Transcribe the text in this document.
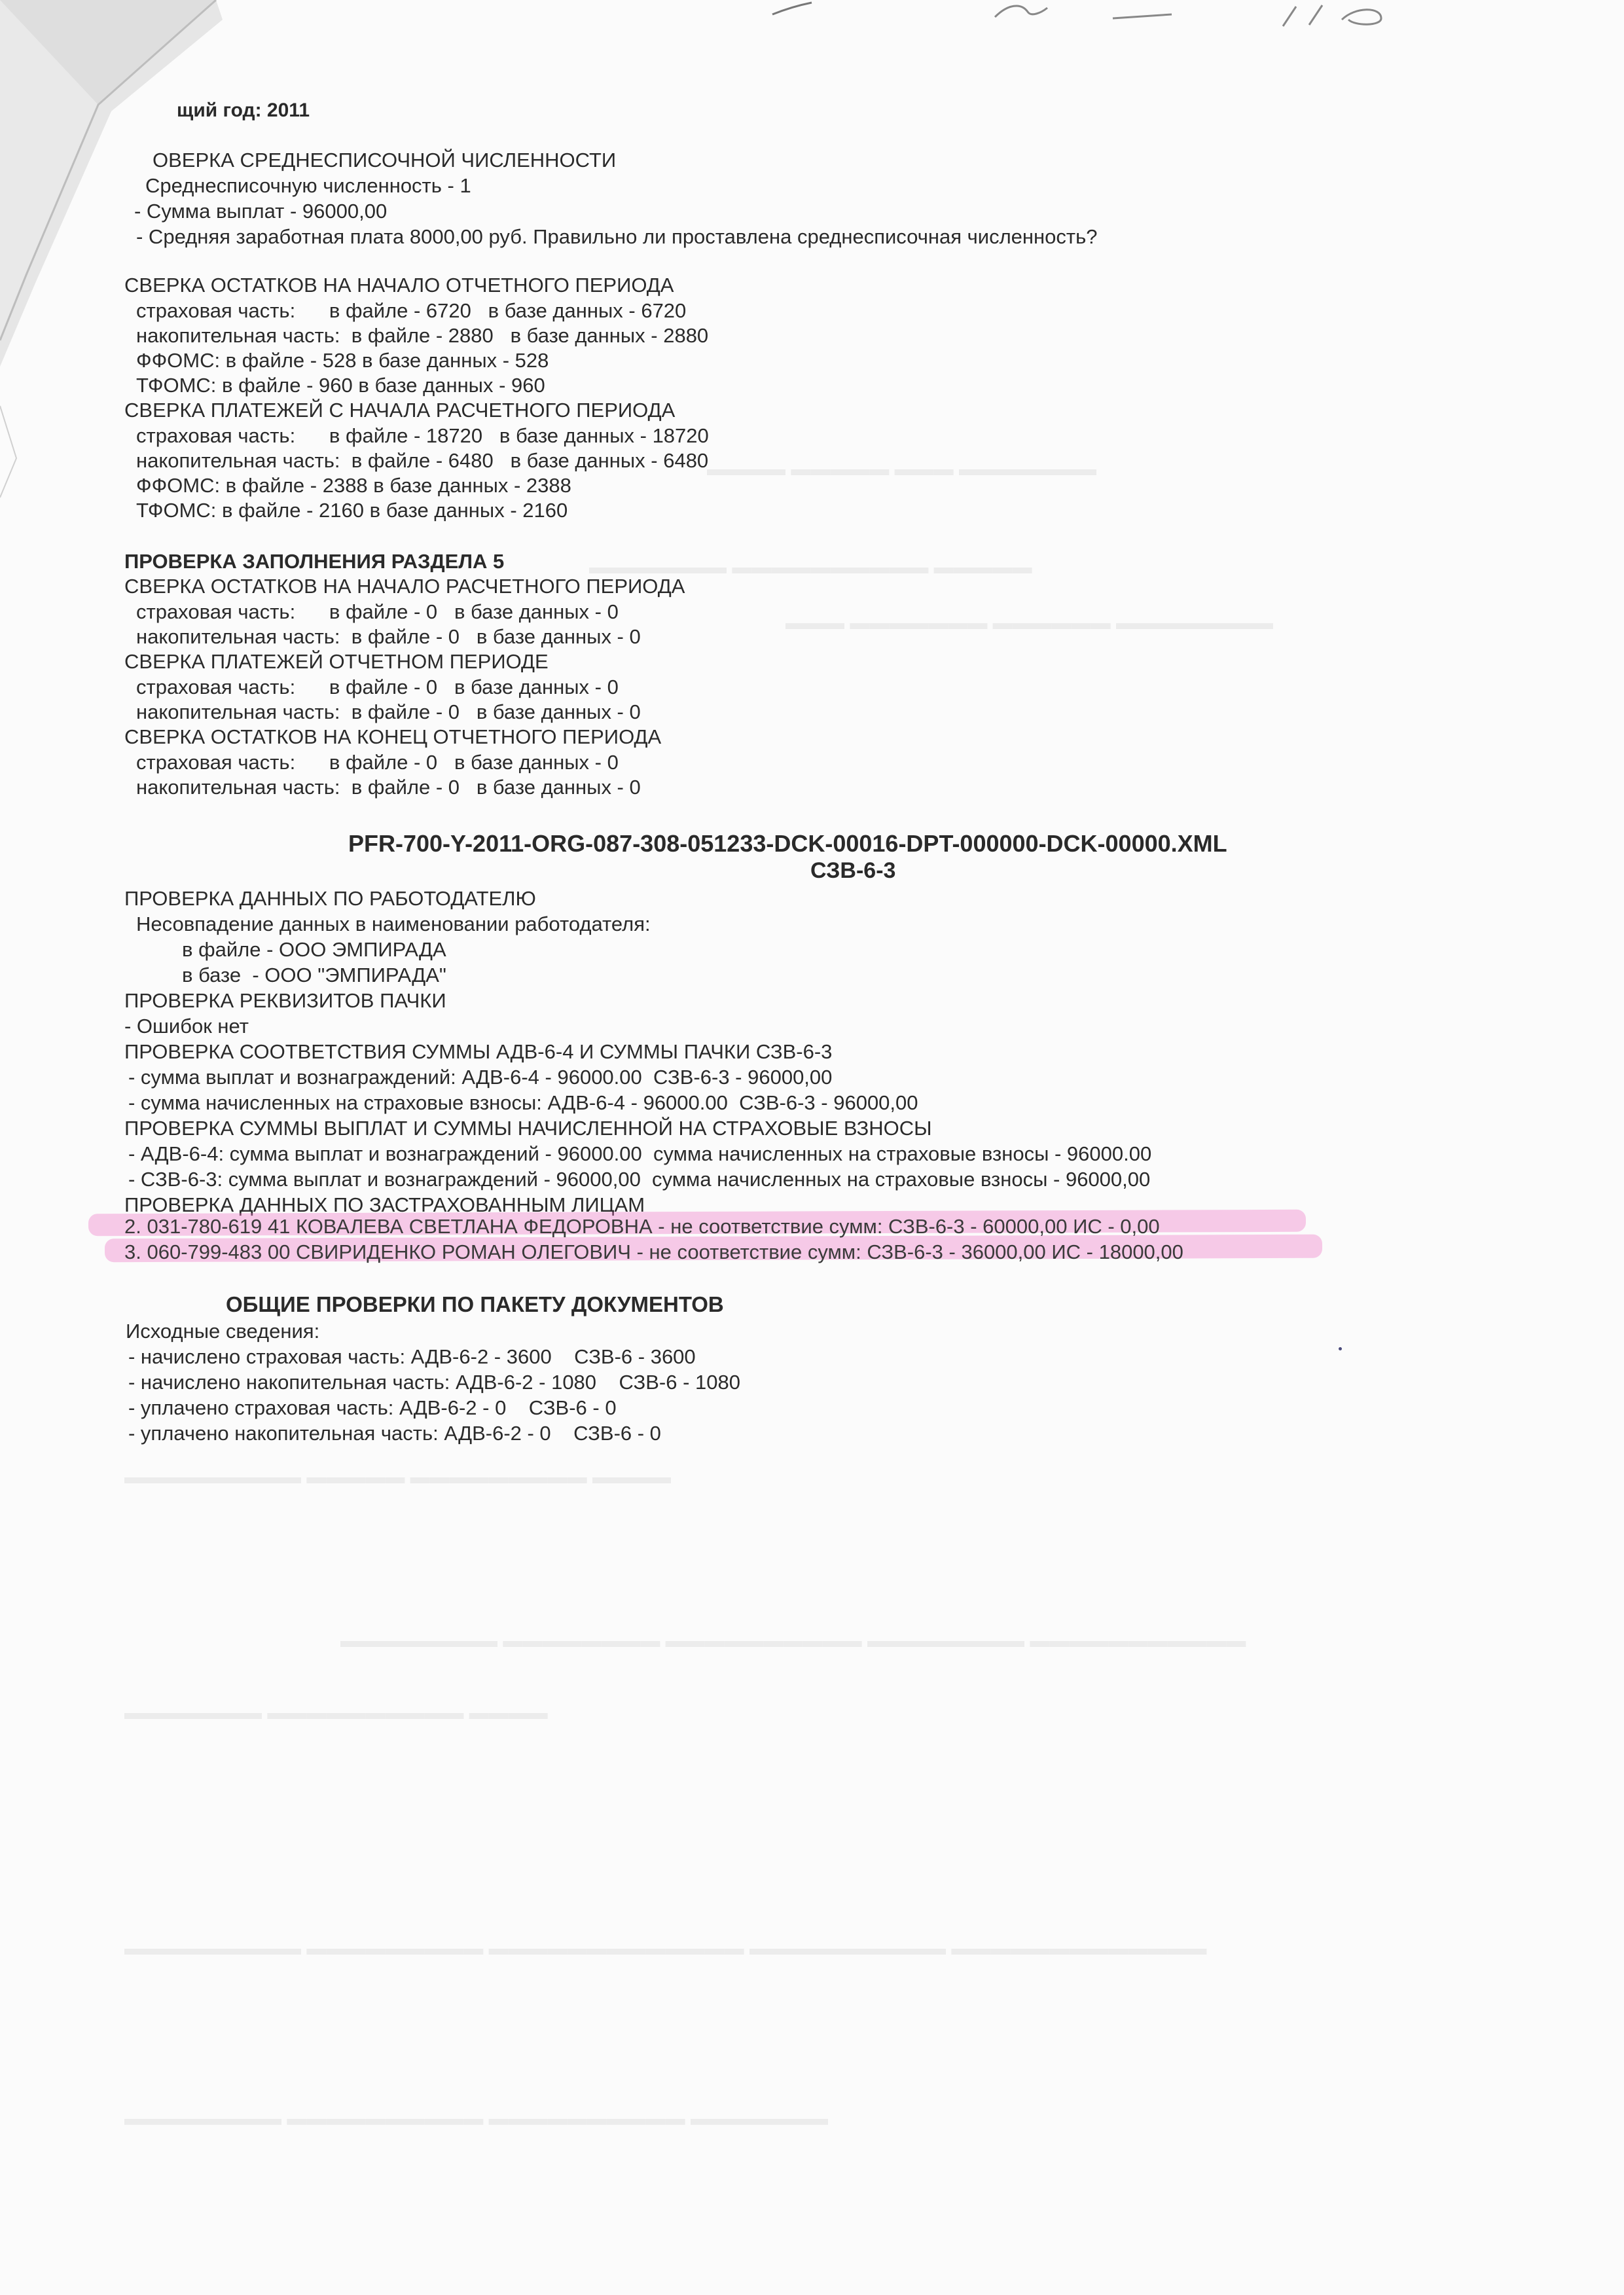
▬▬▬▬ ▬▬▬▬▬ ▬▬▬ ▬▬▬▬▬▬▬
▬▬▬▬▬▬▬ ▬▬▬▬▬▬▬▬▬▬ ▬▬▬▬▬
▬▬▬ ▬▬▬▬▬▬▬ ▬▬▬▬▬▬ ▬▬▬▬▬▬▬▬
▬▬▬▬▬▬▬▬▬ ▬▬▬▬▬ ▬▬▬▬▬▬▬▬▬ ▬▬▬▬
▬▬▬▬▬▬▬▬ ▬▬▬▬▬▬▬▬ ▬▬▬▬▬▬▬▬▬▬ ▬▬▬▬▬▬▬▬ ▬▬▬▬▬▬▬▬▬▬▬
▬▬▬▬▬▬▬ ▬▬▬▬▬▬▬▬▬▬ ▬▬▬▬
▬▬▬▬▬▬▬▬▬ ▬▬▬▬▬▬▬▬▬ ▬▬▬▬▬▬▬▬▬▬▬▬▬ ▬▬▬▬▬▬▬▬▬▬ ▬▬▬▬▬▬▬▬▬▬▬▬▬
▬▬▬▬▬▬▬▬ ▬▬▬▬▬▬▬▬▬▬ ▬▬▬▬▬▬▬▬▬▬ ▬▬▬▬▬▬▬
щий год: 2011
ОВЕРКА СРЕДНЕСПИСОЧНОЙ ЧИСЛЕННОСТИ
Среднесписочную численность - 1
- Сумма выплат - 96000,00
- Средняя заработная плата 8000,00 руб. Правильно ли проставлена среднесписочная численность?
СВЕРКА ОСТАТКОВ НА НАЧАЛО ОТЧЕТНОГО ПЕРИОДА
страховая часть:      в файле - 6720   в базе данных - 6720
накопительная часть:  в файле - 2880   в базе данных - 2880
ФФОМС: в файле - 528 в базе данных - 528
ТФОМС: в файле - 960 в базе данных - 960
СВЕРКА ПЛАТЕЖЕЙ С НАЧАЛА РАСЧЕТНОГО ПЕРИОДА
страховая часть:      в файле - 18720   в базе данных - 18720
накопительная часть:  в файле - 6480   в базе данных - 6480
ФФОМС: в файле - 2388 в базе данных - 2388
ТФОМС: в файле - 2160 в базе данных - 2160
ПРОВЕРКА ЗАПОЛНЕНИЯ РАЗДЕЛА 5
СВЕРКА ОСТАТКОВ НА НАЧАЛО РАСЧЕТНОГО ПЕРИОДА
страховая часть:      в файле - 0   в базе данных - 0
накопительная часть:  в файле - 0   в базе данных - 0
СВЕРКА ПЛАТЕЖЕЙ ОТЧЕТНОМ ПЕРИОДЕ
страховая часть:      в файле - 0   в базе данных - 0
накопительная часть:  в файле - 0   в базе данных - 0
СВЕРКА ОСТАТКОВ НА КОНЕЦ ОТЧЕТНОГО ПЕРИОДА
страховая часть:      в файле - 0   в базе данных - 0
накопительная часть:  в файле - 0   в базе данных - 0
PFR-700-Y-2011-ORG-087-308-051233-DCK-00016-DPT-000000-DCK-00000.XML
СЗВ-6-3
ПРОВЕРКА ДАННЫХ ПО РАБОТОДАТЕЛЮ
Несовпадение данных в наименовании работодателя:
в файле - ООО ЭМПИРАДА
в базе  - ООО "ЭМПИРАДА"
ПРОВЕРКА РЕКВИЗИТОВ ПАЧКИ
- Ошибок нет
ПРОВЕРКА СООТВЕТСТВИЯ СУММЫ АДВ-6-4 И СУММЫ ПАЧКИ СЗВ-6-3
- сумма выплат и вознаграждений: АДВ-6-4 - 96000.00  СЗВ-6-3 - 96000,00
- сумма начисленных на страховые взносы: АДВ-6-4 - 96000.00  СЗВ-6-3 - 96000,00
ПРОВЕРКА СУММЫ ВЫПЛАТ И СУММЫ НАЧИСЛЕННОЙ НА СТРАХОВЫЕ ВЗНОСЫ
- АДВ-6-4: сумма выплат и вознаграждений - 96000.00  сумма начисленных на страховые взносы - 96000.00
- СЗВ-6-3: сумма выплат и вознаграждений - 96000,00  сумма начисленных на страховые взносы - 96000,00
ПРОВЕРКА ДАННЫХ ПО ЗАСТРАХОВАННЫМ ЛИЦАМ
2. 031-780-619 41 КОВАЛЕВА СВЕТЛАНА ФЕДОРОВНА - не соответствие сумм: СЗВ-6-3 - 60000,00 ИС - 0,00
3. 060-799-483 00 СВИРИДЕНКО РОМАН ОЛЕГОВИЧ - не соответствие сумм: СЗВ-6-3 - 36000,00 ИС - 18000,00
ОБЩИЕ ПРОВЕРКИ ПО ПАКЕТУ ДОКУМЕНТОВ
Исходные сведения:
- начислено страховая часть: АДВ-6-2 - 3600    СЗВ-6 - 3600
- начислено накопительная часть: АДВ-6-2 - 1080    СЗВ-6 - 1080
- уплачено страховая часть: АДВ-6-2 - 0    СЗВ-6 - 0
- уплачено накопительная часть: АДВ-6-2 - 0    СЗВ-6 - 0
